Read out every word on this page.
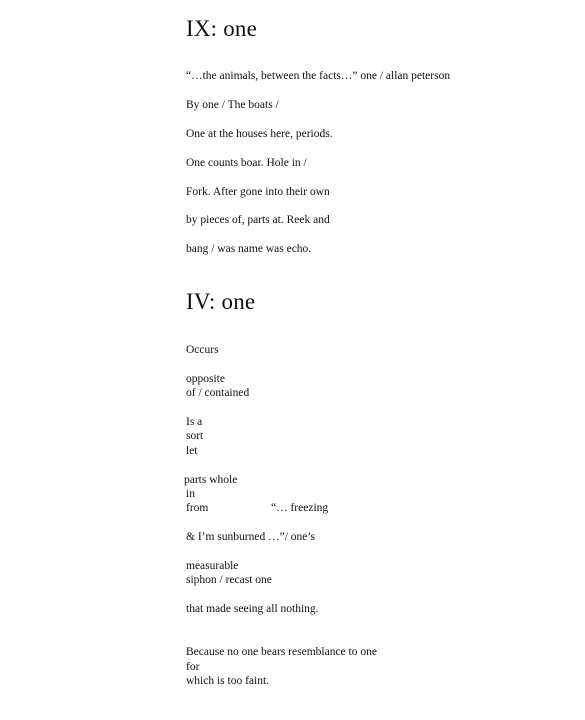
IX: one

“…the animals, between the facts…” one / allan peterson

By one / The boats /

One at the houses here, periods.

One counts boar. Hole in /

Fork. After gone into their own

by pieces of, parts at. Reek and

bang / was name was echo.

IV: one

Occurs

opposite

of / contained

Is a

sort

let

parts whole

in

from	“… freezing

& I’m sunburned …”/ one’s

measurable

siphon / recast one

that made seeing all nothing.

Because no one bears resemblance to one

for

which is too faint.
